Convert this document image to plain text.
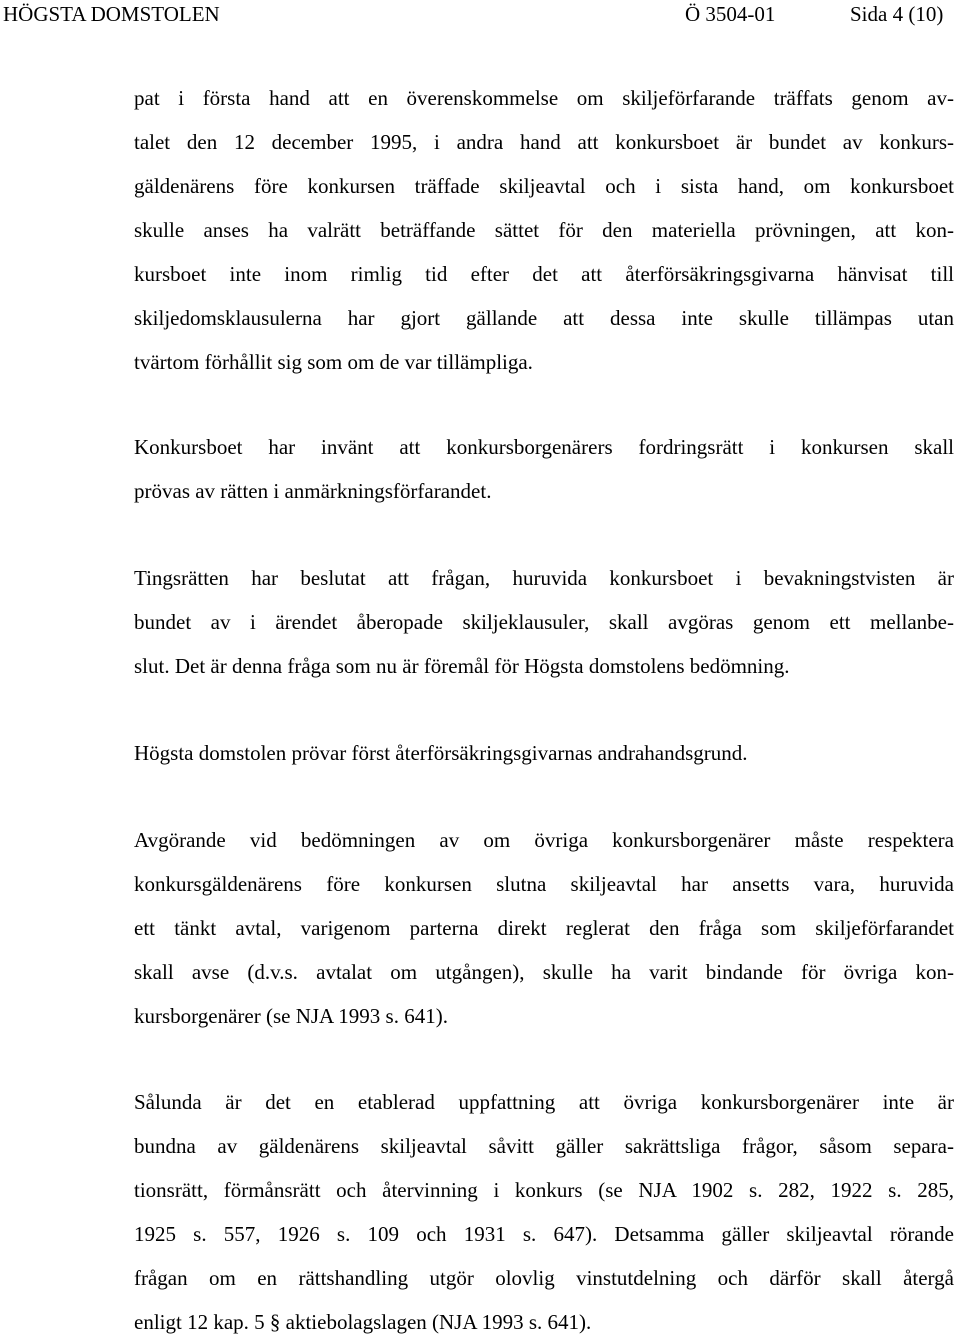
HÖGSTA DOMSTOLEN	Ö 3504-01	Sida 4 (10)
pat i första hand att en överenskommelse om skiljeförfarande träffats genom av-
talet den 12 december 1995, i andra hand att konkursboet är bundet av konkurs-
gäldenärens före konkursen träffade skiljeavtal och i sista hand, om konkursboet
skulle anses ha valrätt beträffande sättet för den materiella prövningen, att kon-
kursboet inte inom rimlig tid efter det att återförsäkringsgivarna hänvisat till
skiljedomsklausulerna har gjort gällande att dessa inte skulle tillämpas utan
tvärtom förhållit sig som om de var tillämpliga.
Konkursboet har invänt att konkursborgenärers fordringsrätt i konkursen skall
prövas av rätten i anmärkningsförfarandet.
Tingsrätten har beslutat att frågan, huruvida konkursboet i bevakningstvisten är
bundet av i ärendet åberopade skiljeklausuler, skall avgöras genom ett mellanbe-
slut. Det är denna fråga som nu är föremål för Högsta domstolens bedömning.
Högsta domstolen prövar först återförsäkringsgivarnas andrahandsgrund.
Avgörande vid bedömningen av om övriga konkursborgenärer måste respektera
konkursgäldenärens före konkursen slutna skiljeavtal har ansetts vara, huruvida
ett tänkt avtal, varigenom parterna direkt reglerat den fråga som skiljeförfarandet
skall avse (d.v.s. avtalat om utgången), skulle ha varit bindande för övriga kon-
kursborgenärer (se NJA 1993 s. 641).
Sålunda är det en etablerad uppfattning att övriga konkursborgenärer inte är
bundna av gäldenärens skiljeavtal såvitt gäller sakrättsliga frågor, såsom separa-
tionsrätt, förmånsrätt och återvinning i konkurs (se NJA 1902 s. 282, 1922 s. 285,
1925 s. 557, 1926 s. 109 och 1931 s. 647). Detsamma gäller skiljeavtal rörande
frågan om en rättshandling utgör olovlig vinstutdelning och därför skall återgå
enligt 12 kap. 5 § aktiebolagslagen (NJA 1993 s. 641).
